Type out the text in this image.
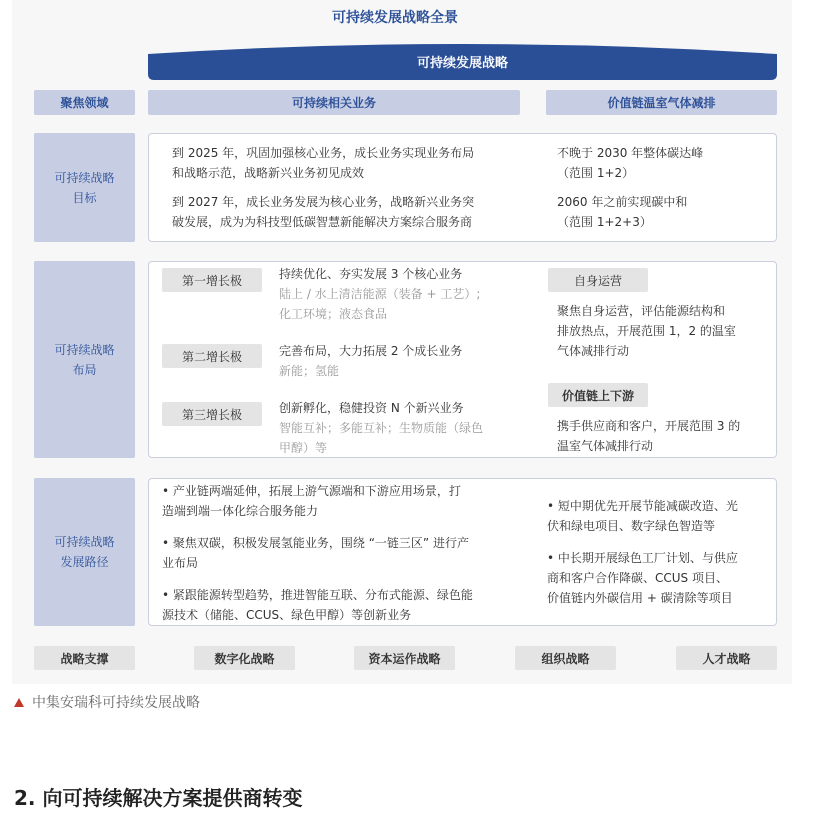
可持续发展战略全景
可持续发展战略
聚焦领域	可持续相关业务	价值链温室气体减排
可持续战略
目标
到 2025 年，巩固加强核心业务，成长业务实现业务布局
和战略示范，战略新兴业务初见成效
到 2027 年，成长业务发展为核心业务，战略新兴业务突
破发展，成为为科技型低碳智慧新能解决方案综合服务商
不晚于 2030 年整体碳达峰
（范围 1+2）
2060 年之前实现碳中和
（范围 1+2+3）
可持续战略
布局
第一增长极	持续优化、夯实发展 3 个核心业务
陆上 / 水上清洁能源（装备 + 工艺）;
化工环境；液态食品
第二增长极	完善布局，大力拓展 2 个成长业务
新能；氢能
第三增长极	创新孵化，稳健投资 N 个新兴业务
智能互补；多能互补；生物质能（绿色
甲醇）等
自身运营
聚焦自身运营，评估能源结构和
排放热点，开展范围 1，2 的温室
气体减排行动
价值链上下游
携手供应商和客户，开展范围 3 的
温室气体减排行动
可持续战略
发展路径
• 产业链两端延伸，拓展上游气源端和下游应用场景，打
造端到端一体化综合服务能力
• 聚焦双碳，积极发展氢能业务，围绕 “一链三区” 进行产
业布局
• 紧跟能源转型趋势，推进智能互联、分布式能源、绿色能
源技术（储能、CCUS、绿色甲醇）等创新业务
• 短中期优先开展节能减碳改造、光
伏和绿电项目、数字绿色智造等
• 中长期开展绿色工厂计划、与供应
商和客户合作降碳、CCUS 项目、
价值链内外碳信用 + 碳清除等项目
战略支撑	数字化战略	资本运作战略	组织战略	人才战略
中集安瑞科可持续发展战略
2. 向可持续解决方案提供商转变
